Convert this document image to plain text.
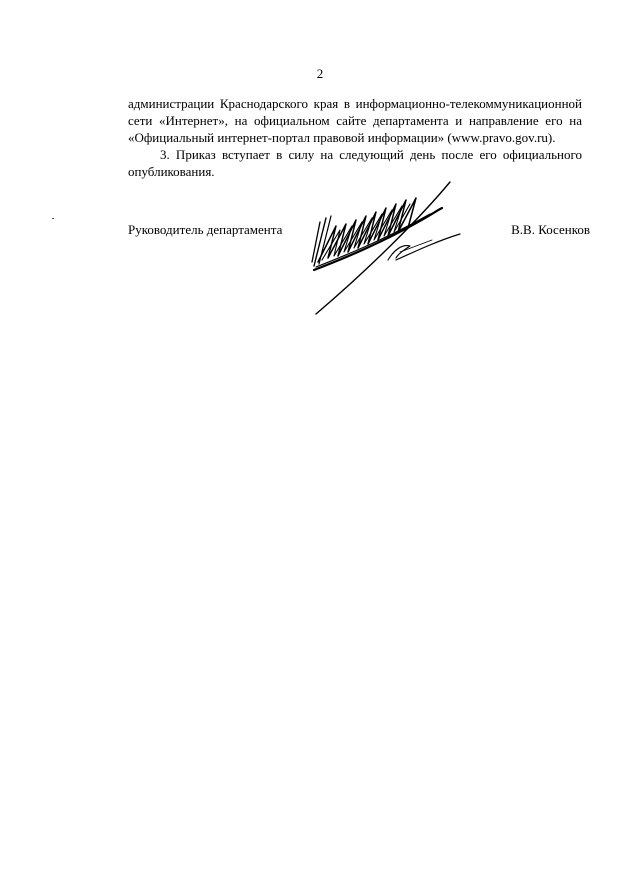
2
администрации Краснодарского края в информационно-телекоммуникационной
сети «Интернет», на официальном сайте департамента и направление его на
«Официальный интернет-портал правовой информации» (www.pravo.gov.ru).
3. Приказ вступает в силу на следующий день после его официального
опубликования.
Руководитель департамента	В.В. Косенков
